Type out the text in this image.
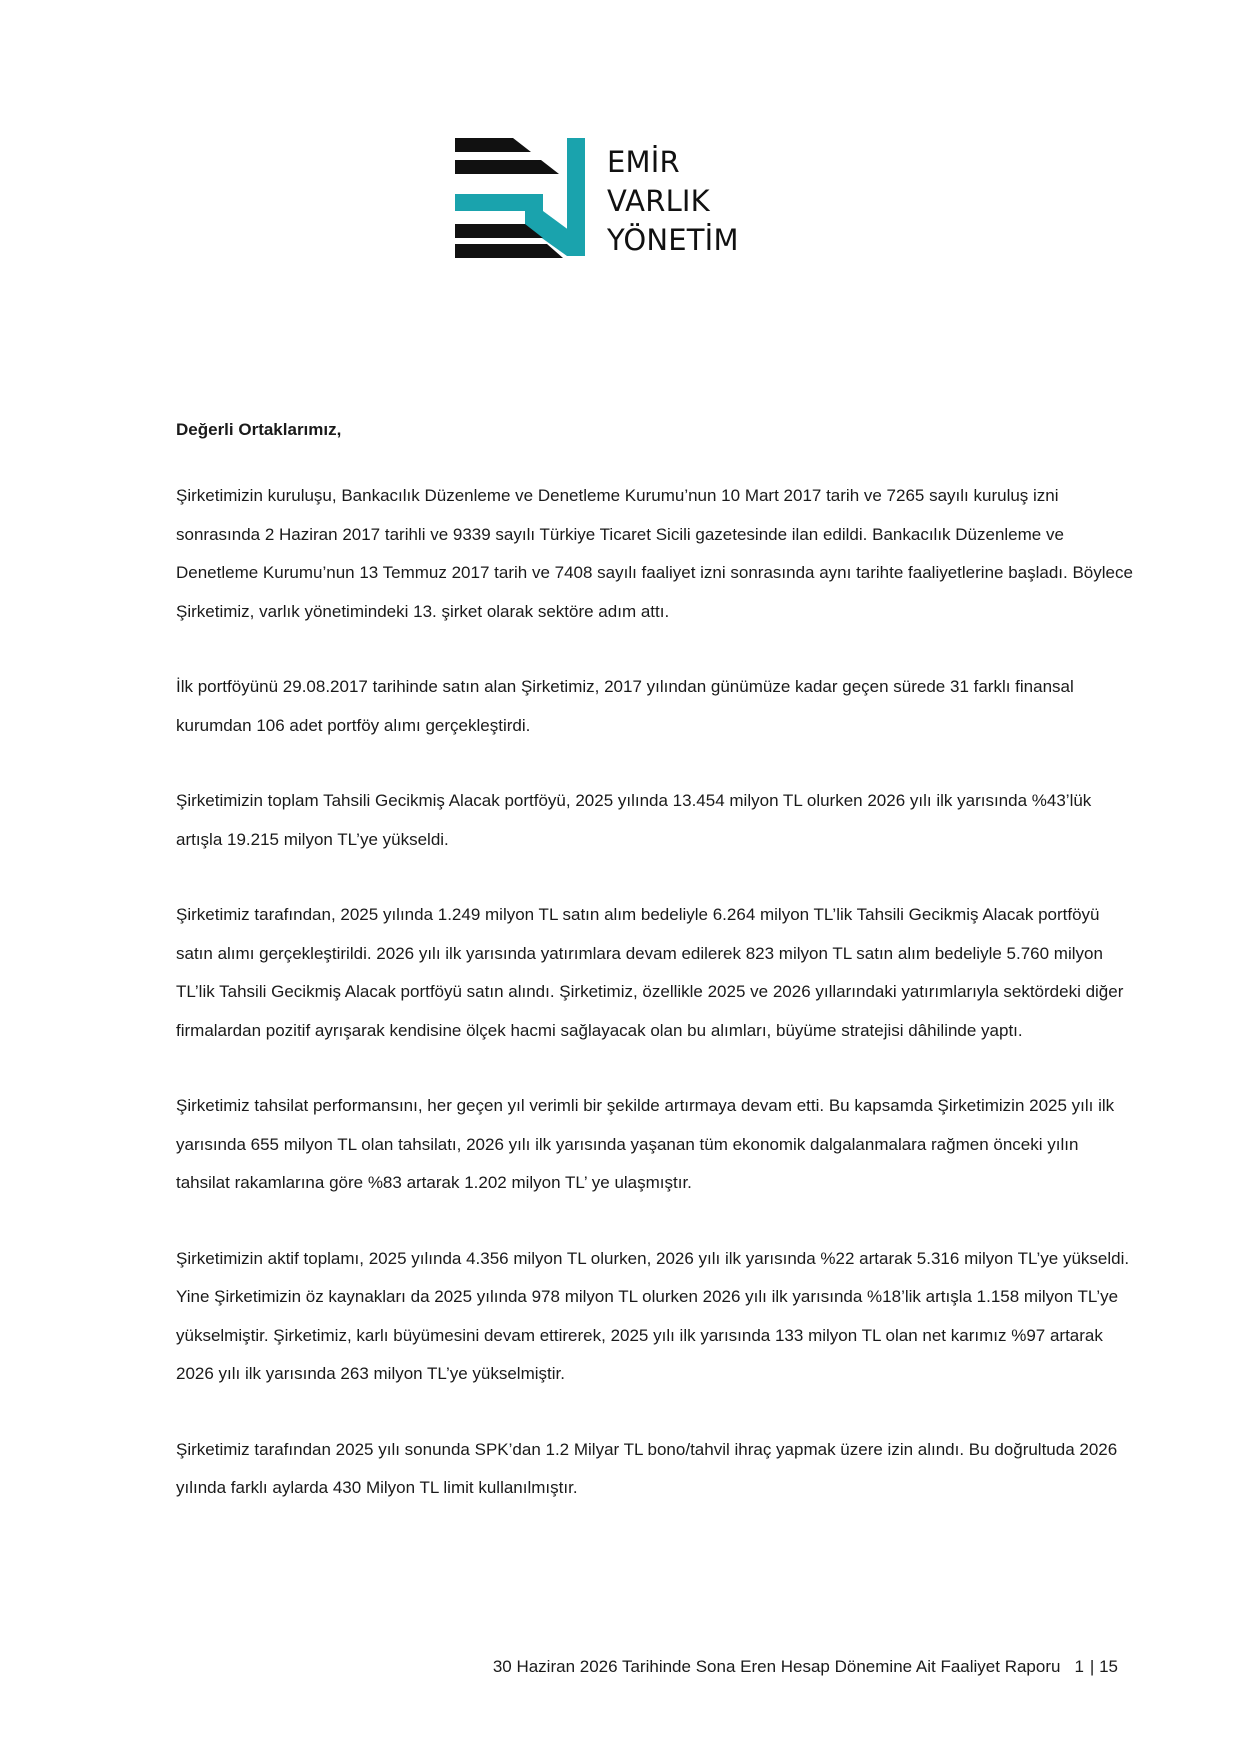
EMİR
VARLIK
YÖNETİM

Değerli Ortaklarımız,

Şirketimizin kuruluşu, Bankacılık Düzenleme ve Denetleme Kurumu’nun 10 Mart 2017 tarih ve 7265 sayılı kuruluş izni sonrasında 2 Haziran 2017 tarihli ve 9339 sayılı Türkiye Ticaret Sicili gazetesinde ilan edildi. Bankacılık Düzenleme ve Denetleme Kurumu’nun 13 Temmuz 2017 tarih ve 7408 sayılı faaliyet izni sonrasında aynı tarihte faaliyetlerine başladı. Böylece Şirketimiz, varlık yönetimindeki 13. şirket olarak sektöre adım attı.

İlk portföyünü 29.08.2017 tarihinde satın alan Şirketimiz, 2017 yılından günümüze kadar geçen sürede 31 farklı finansal kurumdan 106 adet portföy alımı gerçekleştirdi.

Şirketimizin toplam Tahsili Gecikmiş Alacak portföyü, 2025 yılında 13.454 milyon TL olurken 2026 yılı ilk yarısında %43’lük artışla 19.215 milyon TL’ye yükseldi.

Şirketimiz tarafından, 2025 yılında 1.249 milyon TL satın alım bedeliyle 6.264 milyon TL’lik Tahsili Gecikmiş Alacak portföyü satın alımı gerçekleştirildi. 2026 yılı ilk yarısında yatırımlara devam edilerek 823 milyon TL satın alım bedeliyle 5.760 milyon TL’lik Tahsili Gecikmiş Alacak portföyü satın alındı. Şirketimiz, özellikle 2025 ve 2026 yıllarındaki yatırımlarıyla sektördeki diğer firmalardan pozitif ayrışarak kendisine ölçek hacmi sağlayacak olan bu alımları, büyüme stratejisi dâhilinde yaptı.

Şirketimiz tahsilat performansını, her geçen yıl verimli bir şekilde artırmaya devam etti. Bu kapsamda Şirketimizin 2025 yılı ilk yarısında 655 milyon TL olan tahsilatı, 2026 yılı ilk yarısında yaşanan tüm ekonomik dalgalanmalara rağmen önceki yılın tahsilat rakamlarına göre %83 artarak 1.202 milyon TL’ ye ulaşmıştır.

Şirketimizin aktif toplamı, 2025 yılında 4.356 milyon TL olurken, 2026 yılı ilk yarısında %22 artarak 5.316 milyon TL’ye yükseldi. Yine Şirketimizin öz kaynakları da 2025 yılında 978 milyon TL olurken 2026 yılı ilk yarısında %18’lik artışla 1.158 milyon TL’ye yükselmiştir. Şirketimiz, karlı büyümesini devam ettirerek, 2025 yılı ilk yarısında 133 milyon TL olan net karımız %97 artarak 2026 yılı ilk yarısında 263 milyon TL’ye yükselmiştir.

Şirketimiz tarafından 2025 yılı sonunda SPK’dan 1.2 Milyar TL bono/tahvil ihraç yapmak üzere izin alındı. Bu doğrultuda 2026 yılında farklı aylarda 430 Milyon TL limit kullanılmıştır.

30 Haziran 2026 Tarihinde Sona Eren Hesap Dönemine Ait Faaliyet Raporu 1 | 15
